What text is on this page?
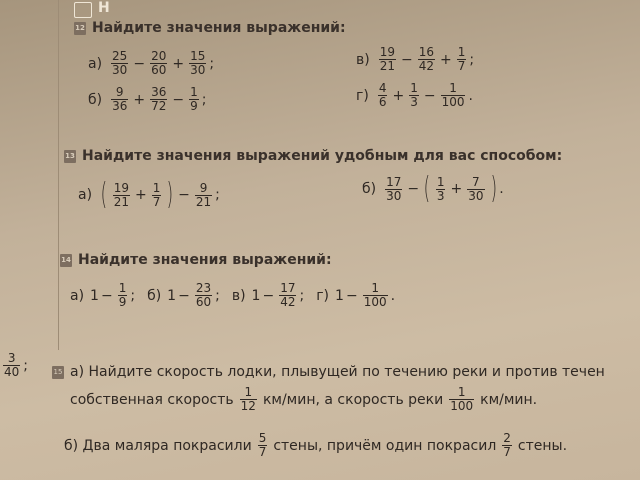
Н
12 Найдите значения выражений:
$а) \frac{25}{30} - \frac{20}{60} + \frac{15}{30}$ ;
$б) \frac{9}{36} + \frac{36}{72} - \frac{1}{9}$ ;
$в) \frac{19}{21} - \frac{16}{42} + \frac{1}{7}$ ;
$г) \frac{4}{6} + \frac{1}{3} - \frac{1}{100}$ .
13 Найдите значения выражений удобным для вас способом:
а) ( $\frac{19}{21} + \frac{1}{7}$ ) − $\frac{9}{21}$ ;	$б) \frac{17}{30}$ − ( $\frac{1}{3} + \frac{7}{30}$ ) .
14 Найдите значения выражений:
а) $1 - \frac{1}{9}$ ; б) $1 - \frac{23}{60}$ ; в) $1 - \frac{17}{42}$ ; г) $1 - \frac{1}{100}$ .
$\frac{3}{40}$ ;	15 а) Найдите скорость лодки, плывущей по течению реки и против течен
собственная скорость $\frac{1}{12} км/мин$, а скорость реки $\frac{1}{100} км/мин$.
б) Два маляра покрасили $\frac{5}{7}$ стены, причём один покрасил $\frac{2}{7}$ стены.
